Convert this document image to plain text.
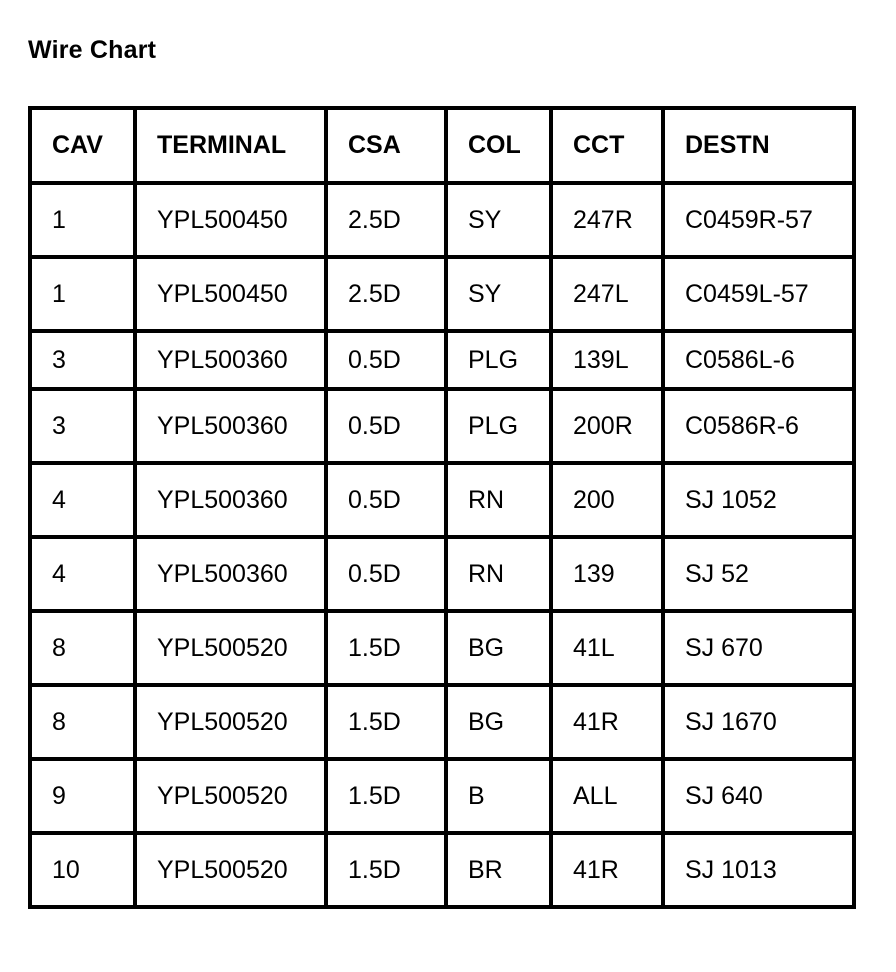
Wire Chart
CAV	TERMINAL	CSA	COL	CCT	DESTN
1	YPL500450	2.5D	SY	247R	C0459R-57
1	YPL500450	2.5D	SY	247L	C0459L-57
3	YPL500360	0.5D	PLG	139L	C0586L-6
3	YPL500360	0.5D	PLG	200R	C0586R-6
4	YPL500360	0.5D	RN	200	SJ 1052
4	YPL500360	0.5D	RN	139	SJ 52
8	YPL500520	1.5D	BG	41L	SJ 670
8	YPL500520	1.5D	BG	41R	SJ 1670
9	YPL500520	1.5D	B	ALL	SJ 640
10	YPL500520	1.5D	BR	41R	SJ 1013
